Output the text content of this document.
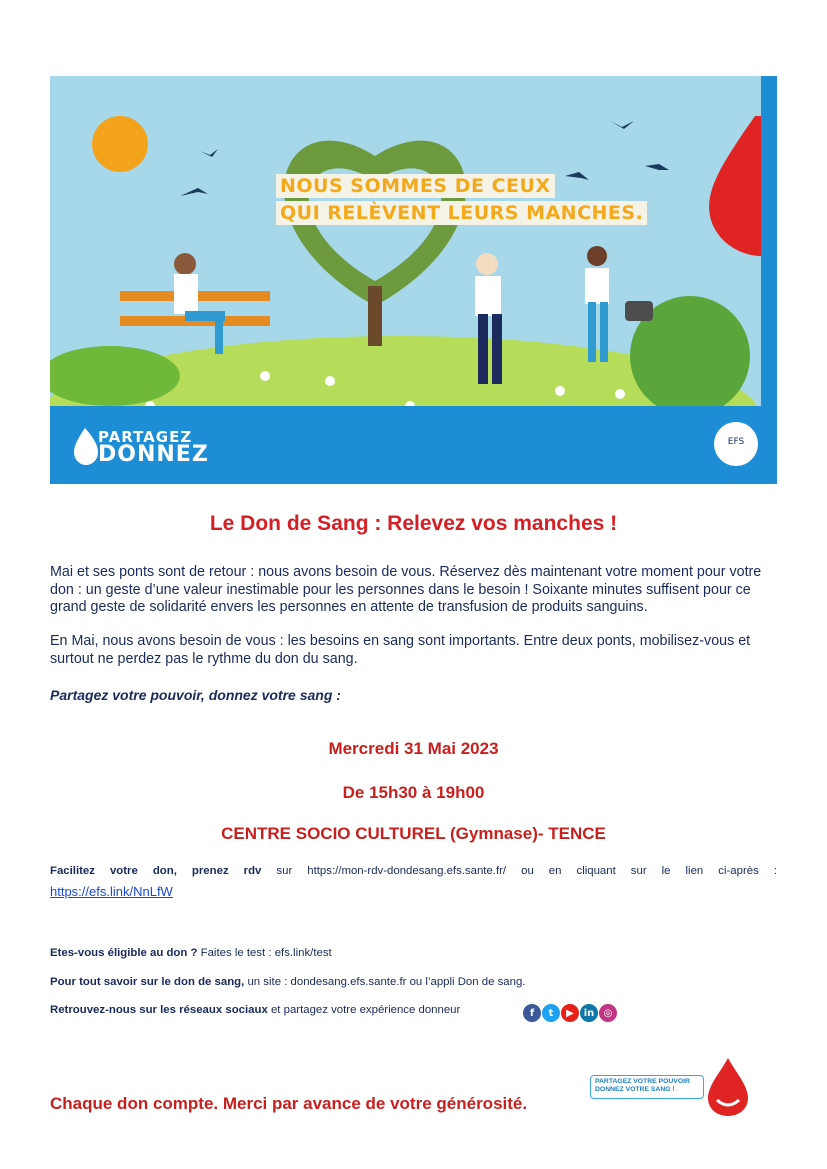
EFS
NOUS SOMMES DE CEUX
QUI RELÈVENT LEURS MANCHES.
PARTAGEZ
DONNEZ
Le Don de Sang : Relevez vos manches !
Mai et ses ponts sont de retour : nous avons besoin de vous. Réservez dès maintenant votre moment pour votre don : un geste d’une valeur inestimable pour les personnes dans le besoin ! Soixante minutes suffisent pour ce grand geste de solidarité envers les personnes en attente de transfusion de produits sanguins.
En Mai, nous avons besoin de vous : les besoins en sang sont importants. Entre deux ponts, mobilisez-vous et surtout ne perdez pas le rythme du don du sang.
Partagez votre pouvoir, donnez votre sang :
Mercredi 31 Mai 2023
De 15h30 à 19h00
CENTRE SOCIO CULTUREL (Gymnase)- TENCE
Facilitez votre don, prenez rdv sur https://mon-rdv-dondesang.efs.sante.fr/ ou en cliquant sur le lien ci-après :
https://efs.link/NnLfW
Etes-vous éligible au don ? Faites le test : efs.link/test
Pour tout savoir sur le don de sang, un site : dondesang.efs.sante.fr ou l’appli Don de sang.
Retrouvez-nous sur les réseaux sociaux et partagez votre expérience donneur	f	t	▶ in ◎
Chaque don compte. Merci par avance de votre générosité.
PARTAGEZ VOTRE POUVOIR
DONNEZ VOTRE SANG !
